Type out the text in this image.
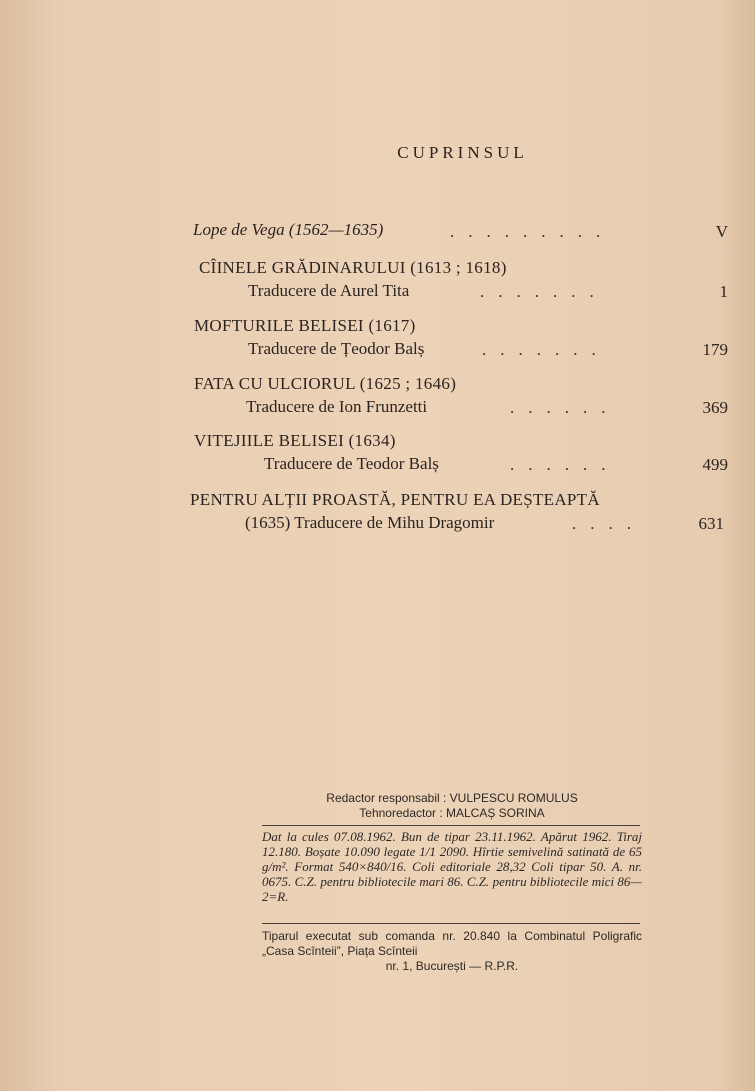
CUPRINSUL
Lope de Vega (1562—1635)	.........	V
CÎINELE GRĂDINARULUI (1613 ; 1618)
Traducere de Aurel Tita	.......	1
MOFTURILE BELISEI (1617)
Traducere de Țeodor Balș	.......	179
FATA CU ULCIORUL (1625 ; 1646)
Traducere de Ion Frunzetti	......	369
VITEJIILE BELISEI (1634)
Traducere de Teodor Balș	......	499
PENTRU ALȚII PROASTĂ, PENTRU EA DEȘTEAPTĂ
(1635) Traducere de Mihu Dragomir	....	631
Redactor responsabil : VULPESCU ROMULUS
Tehnoredactor : MALCAȘ SORINA
Dat la cules 07.08.1962. Bun de tipar 23.11.1962. Apărut 1962. Tiraj 12.180. Boșate 10.090 legate 1/1 2090. Hîrtie semivelină satinată de 65 g/m². Format 540×840/16. Coli editoriale 28,32 Coli tipar 50. A. nr. 0675. C.Z. pentru bibliotecile mari 86. C.Z. pentru bibliotecile mici 86—2=R.
Tiparul executat sub comanda nr. 20.840 la Combinatul Poligrafic „Casa Scînteii”, Piața Scînteii
nr. 1, București — R.P.R.
